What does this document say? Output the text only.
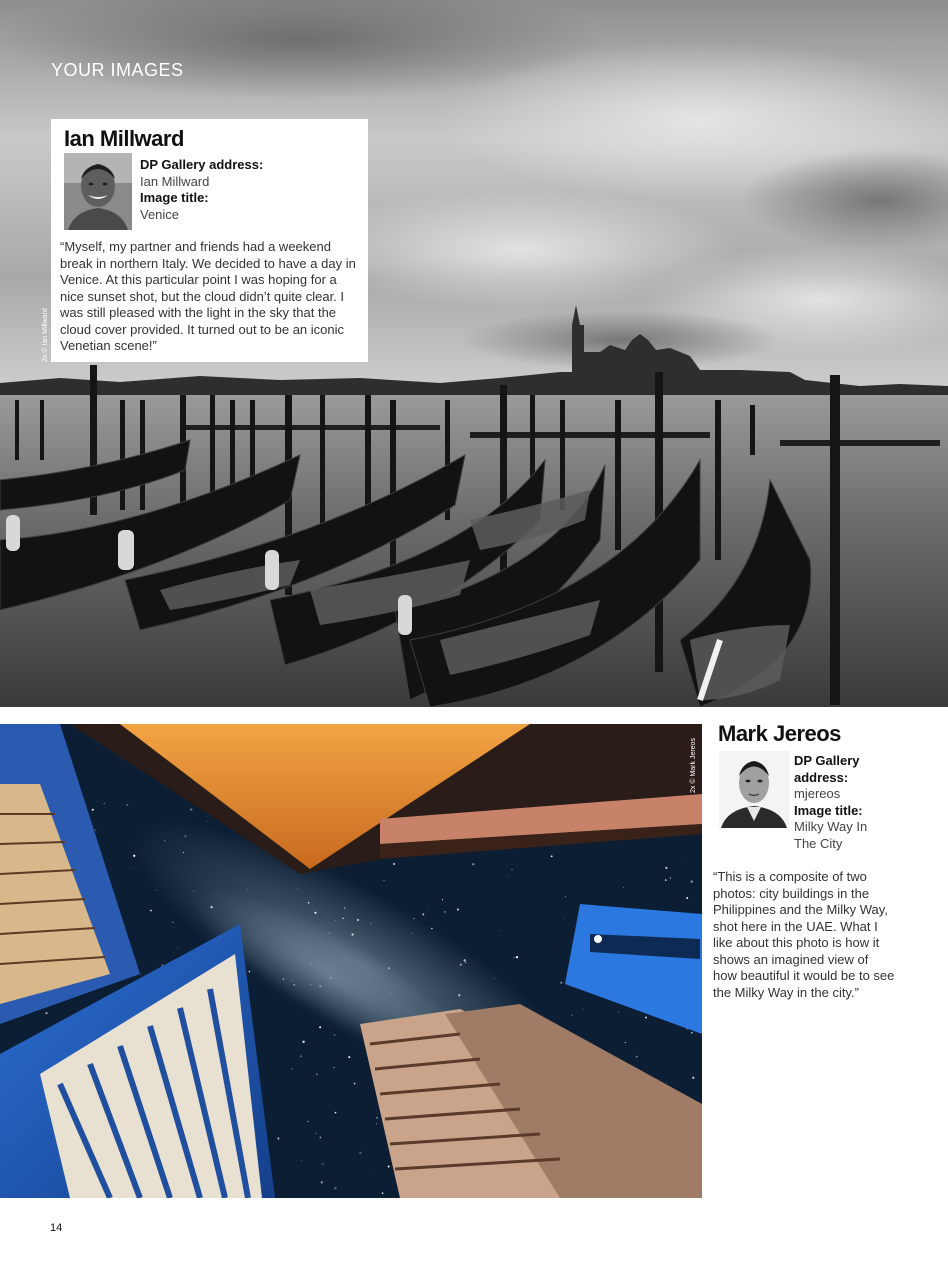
YOUR IMAGES
2x © Ian Millward
Ian Millward
DP Gallery address:
Ian Millward
Image title:
Venice
“Myself, my partner and friends had a weekend break in northern Italy. We decided to have a day in Venice. At this particular point I was hoping for a nice sunset shot, but the cloud didn’t quite clear. I was still pleased with the light in the sky that the cloud cover provided. It turned out to be an iconic Venetian scene!”
2x © Mark Jereos
Mark Jereos
DP Gallery
address:
mjereos
Image title:
Milky Way In
The City
“This is a composite of two photos: city buildings in the Philippines and the Milky Way, shot here in the UAE. What I like about this photo is how it shows an imagined view of how beautiful it would be to see the Milky Way in the city.”
14
